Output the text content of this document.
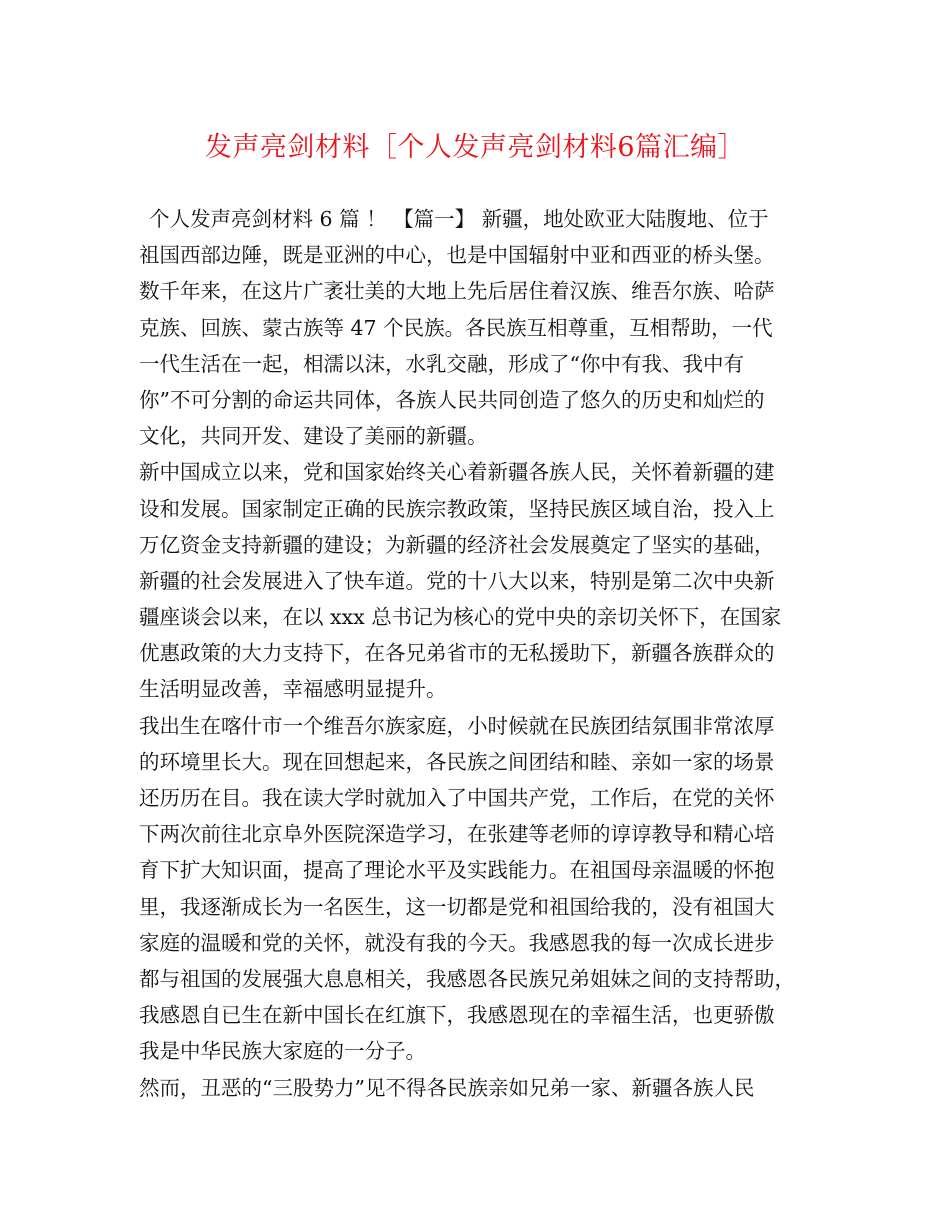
发声亮剑材料［个人发声亮剑材料6篇汇编］
个人发声亮剑材料 6 篇 ！ 【篇一】 新疆，地处欧亚大陆腹地、位于
祖国西部边陲，既是亚洲的中心，也是中国辐射中亚和西亚的桥头堡。
数千年来，在这片广袤壮美的大地上先后居住着汉族、维吾尔族、哈萨
克族、回族、蒙古族等 47 个民族。各民族互相尊重，互相帮助，一代
一代生活在一起，相濡以沫，水乳交融，形成了“你中有我、我中有
你”不可分割的命运共同体，各族人民共同创造了悠久的历史和灿烂的
文化，共同开发、建设了美丽的新疆。
新中国成立以来，党和国家始终关心着新疆各族人民，关怀着新疆的建
设和发展。国家制定正确的民族宗教政策，坚持民族区域自治，投入上
万亿资金支持新疆的建设；为新疆的经济社会发展奠定了坚实的基础，
新疆的社会发展进入了快车道。党的十八大以来，特别是第二次中央新
疆座谈会以来，在以 xxx 总书记为核心的党中央的亲切关怀下，在国家
优惠政策的大力支持下，在各兄弟省市的无私援助下，新疆各族群众的
生活明显改善，幸福感明显提升。
我出生在喀什市一个维吾尔族家庭，小时候就在民族团结氛围非常浓厚
的环境里长大。现在回想起来，各民族之间团结和睦、亲如一家的场景
还历历在目。我在读大学时就加入了中国共产党，工作后，在党的关怀
下两次前往北京阜外医院深造学习，在张建等老师的谆谆教导和精心培
育下扩大知识面，提高了理论水平及实践能力。在祖国母亲温暖的怀抱
里，我逐渐成长为一名医生，这一切都是党和祖国给我的，没有祖国大
家庭的温暖和党的关怀，就没有我的今天。我感恩我的每一次成长进步
都与祖国的发展强大息息相关，我感恩各民族兄弟姐妹之间的支持帮助，
我感恩自已生在新中国长在红旗下，我感恩现在的幸福生活，也更骄傲
我是中华民族大家庭的一分子。
然而，丑恶的“三股势力”见不得各民族亲如兄弟一家、新疆各族人民
